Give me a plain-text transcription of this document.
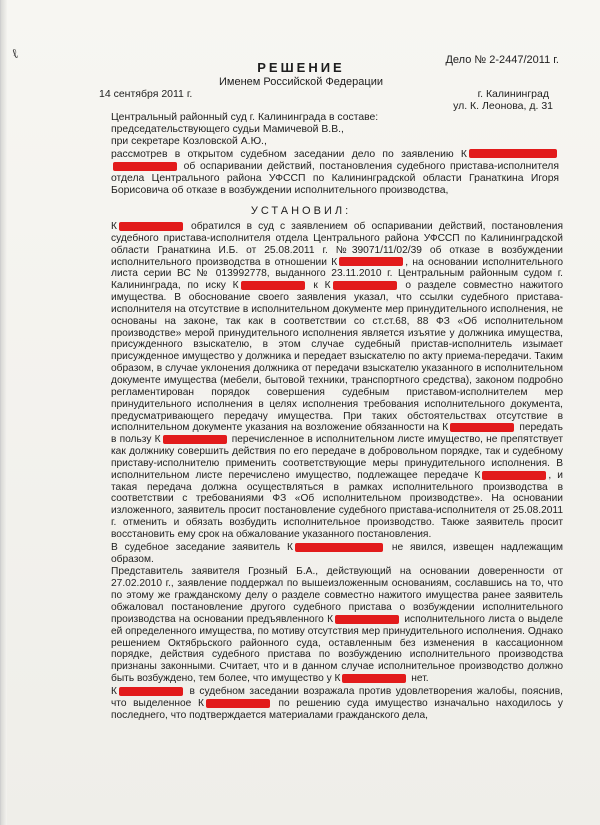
ℓ	Дело № 2-2447/2011 г.
РЕШЕНИЕ
Именем Российской Федерации
14 сентября 2011 г.	г. Калининград
ул. К. Леонова, д. 31

Центральный районный суд г. Калининграда в составе:

председательствующего судьи Мамичевой В.В.,

при секретаре Козловской А.Ю.,

рассмотрев в открытом судебном заседании дело по заявлению К  об оспаривании действий, постановления судебного пристава-исполнителя отдела Центрального района УФССП по Калининградской области Гранаткина Игоря Борисовича об отказе в возбуждении исполнительного производства,

УСТАНОВИЛ:

К	обратился в суд с заявлением об оспаривании действий, постановления судебного пристава-исполнителя отдела Центрального района УФССП по Калининградской области Гранаткина И.Б. от 25.08.2011 г. №39071/11/02/39 об отказе в возбуждении исполнительного производства в отношении К	, на основании исполнительного листа серии ВС № 013992778, выданного 23.11.2010 г. Центральным районным судом г. Калининграда, по иску К	к К	о разделе совместно нажитого имущества. В обоснование своего заявления указал, что ссылки судебного пристава-исполнителя на отсутствие в исполнительном документе мер принудительного исполнения, не основаны на законе, так как в соответствии со ст.ст.68, 88 ФЗ «Об исполнительном производстве» мерой принудительного исполнения является изъятие у должника имущества, присужденного взыскателю, в этом случае судебный пристав-исполнитель изымает присужденное имущество у должника и передает взыскателю по акту приема-передачи. Таким образом, в случае уклонения должника от передачи взыскателю указанного в исполнительном документе имущества (мебели, бытовой техники, транспортного средства), законом подробно регламентирован порядок совершения судебным приставом-исполнителем мер принудительного исполнения в целях исполнения требования исполнительного документа, предусматривающего передачу имущества. При таких обстоятельствах отсутствие в исполнительном документе указания на возложение обязанности на К	передать в пользу К	перечисленное в исполнительном листе имущество, не препятствует как должнику совершить действия по его передаче в добровольном порядке, так и судебному приставу-исполнителю применить соответствующие меры принудительного исполнения. В исполнительном листе перечислено имущество, подлежащее передаче К	, и такая передача должна осуществляться в рамках исполнительного производства в соответствии с требованиями ФЗ «Об исполнительном производстве». На основании изложенного, заявитель просит постановление судебного пристава-исполнителя от 25.08.2011 г. отменить и обязать возбудить исполнительное производство. Также заявитель просит восстановить ему срок на обжалование указанного постановления.

В судебное заседание заявитель К	не явился, извещен надлежащим образом.

Представитель заявителя Грозный Б.А., действующий на основании доверенности от 27.02.2010 г., заявление поддержал по вышеизложенным основаниям, сославшись на то, что по этому же гражданскому делу о разделе совместно нажитого имущества ранее заявитель обжаловал постановление другого судебного пристава о возбуждении исполнительного производства на основании предъявленного К	исполнительного листа о выделе ей определенного имущества, по мотиву отсутствия мер принудительного исполнения. Однако решением Октябрьского районного суда, оставленным без изменения в кассационном порядке, действия судебного пристава по возбуждению исполнительного производства признаны законными. Считает, что и в данном случае исполнительное производство должно быть возбуждено, тем более, что имущество у К	нет.

К	в судебном заседании возражала против удовлетворения жалобы, пояснив, что выделенное К	по решению суда имущество изначально находилось у последнего, что подтверждается материалами гражданского дела,
